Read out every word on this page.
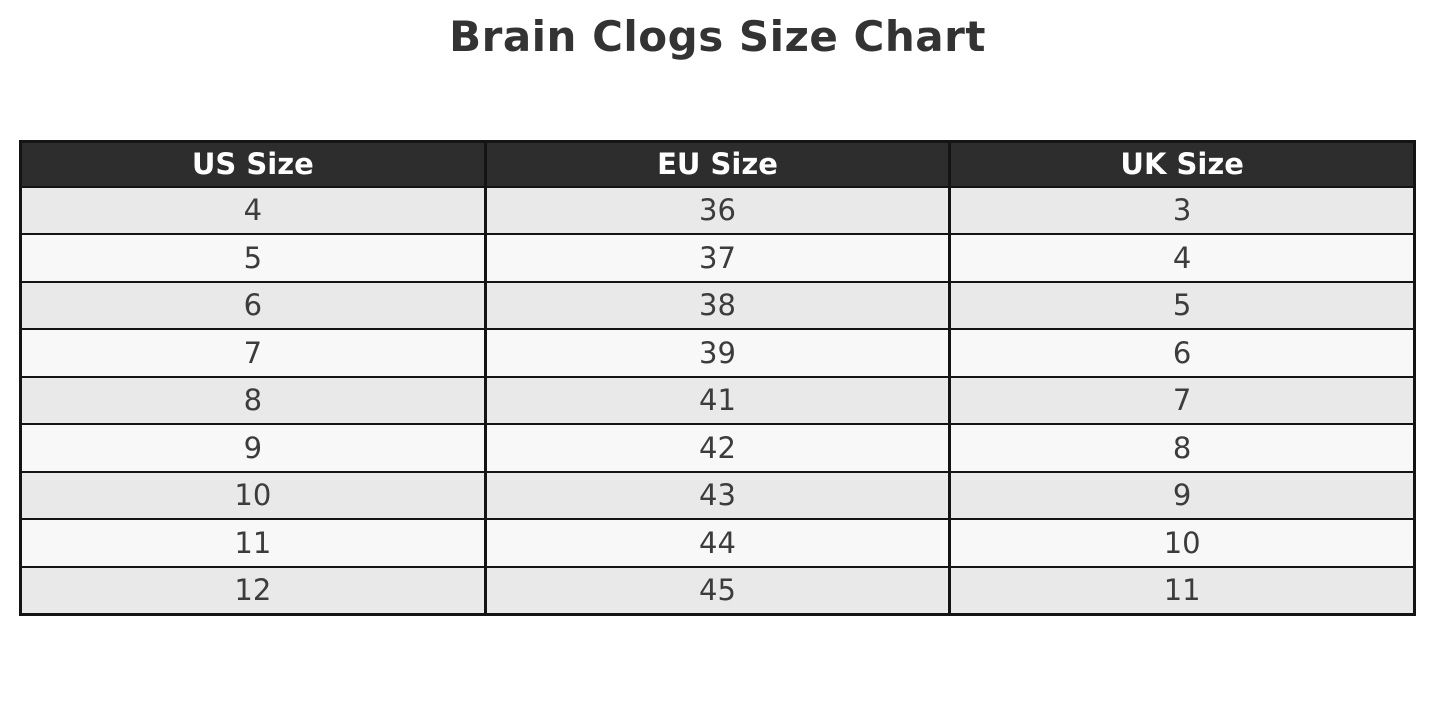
Brain Clogs Size Chart
US Size	EU Size	UK Size
4	36	3
5	37	4
6	38	5
7	39	6
8	41	7
9	42	8
10	43	9
11	44	10
12	45	11
